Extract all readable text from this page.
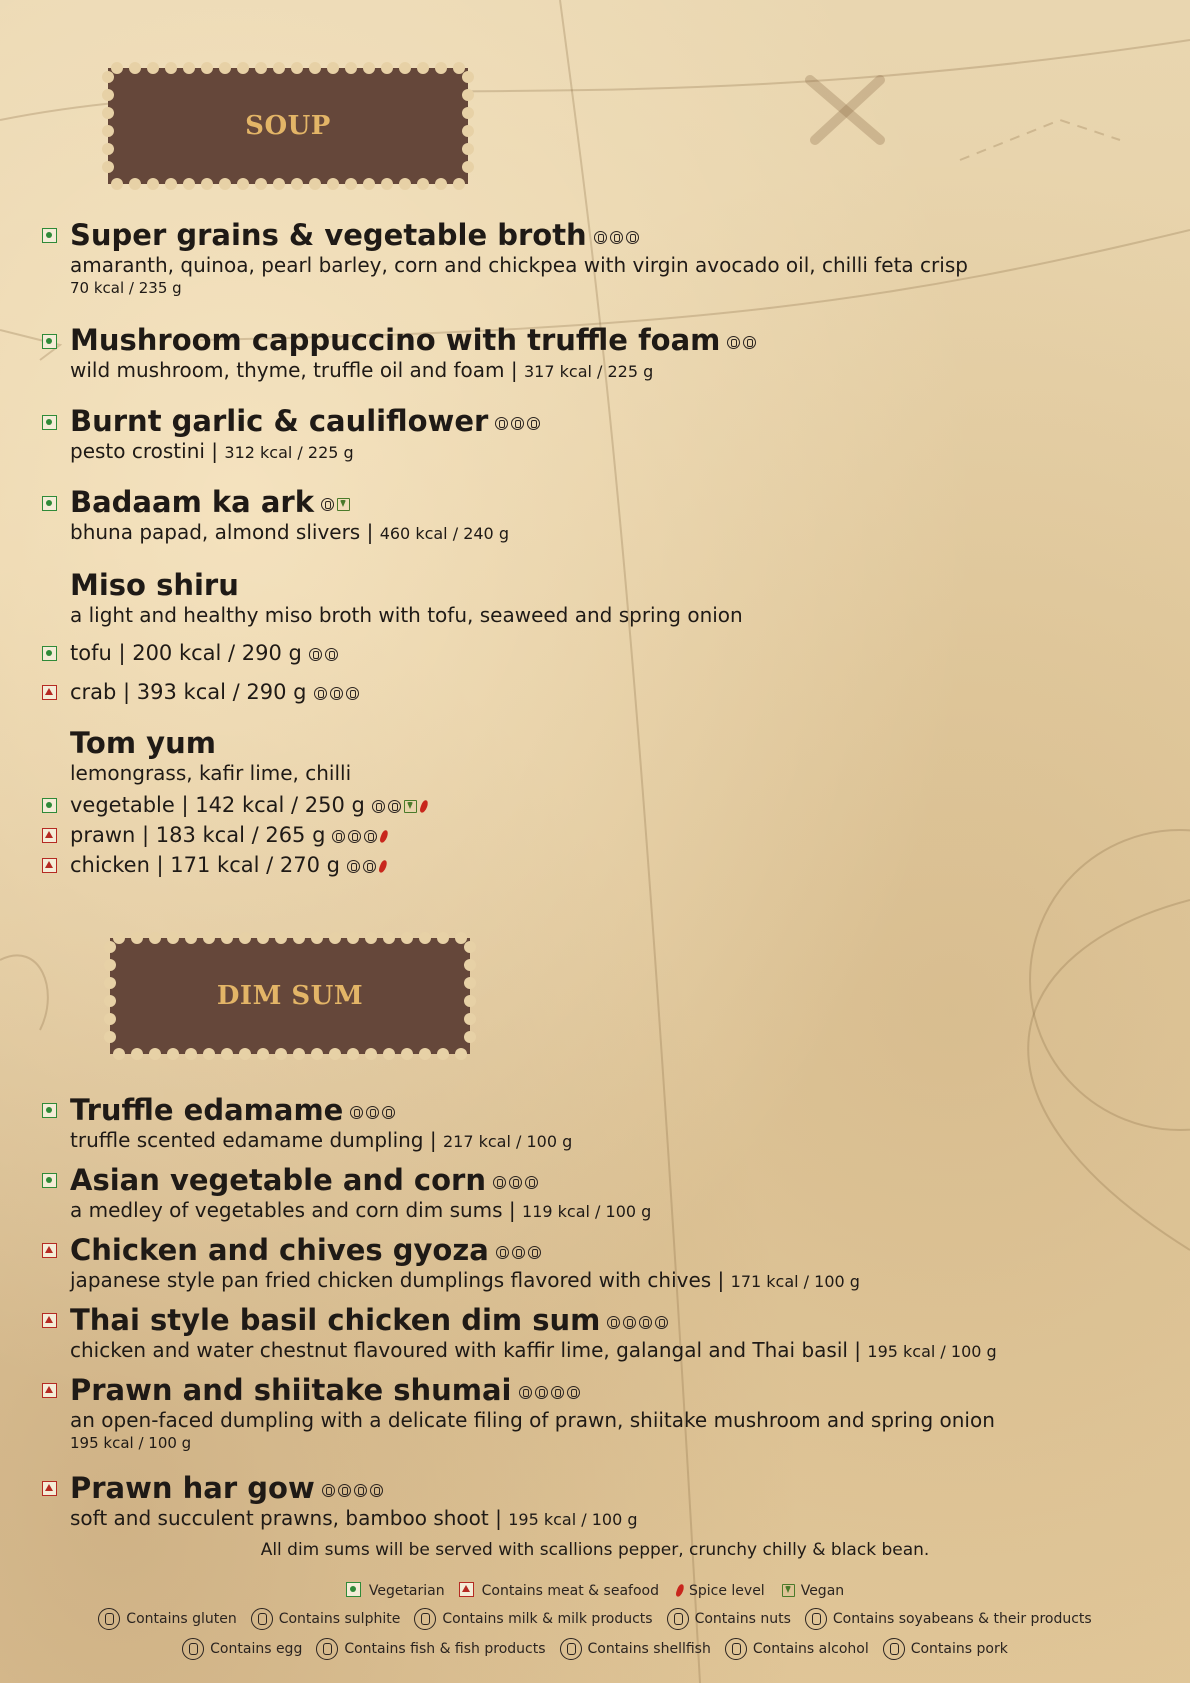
SOUP
Super grains & vegetable broth
amaranth, quinoa, pearl barley, corn and chickpea with virgin avocado oil, chilli feta crisp
70 kcal / 235 g
Mushroom cappuccino with truffle foam
wild mushroom, thyme, truffle oil and foam | 317 kcal / 225 g
Burnt garlic & cauliflower
pesto crostini | 312 kcal / 225 g
Badaam ka ark
bhuna papad, almond slivers | 460 kcal / 240 g
Miso shiru
a light and healthy miso broth with tofu, seaweed and spring onion
tofu | 200 kcal / 290 g
crab | 393 kcal / 290 g
Tom yum
lemongrass, kafir lime, chilli
vegetable | 142 kcal / 250 g
prawn | 183 kcal / 265 g
chicken | 171 kcal / 270 g
DIM SUM
Truffle edamame
truffle scented edamame dumpling | 217 kcal / 100 g
Asian vegetable and corn
a medley of vegetables and corn dim sums | 119 kcal / 100 g
Chicken and chives gyoza
japanese style pan fried chicken dumplings flavored with chives | 171 kcal / 100 g
Thai style basil chicken dim sum
chicken and water chestnut flavoured with kaffir lime, galangal and Thai basil | 195 kcal / 100 g
Prawn and shiitake shumai
an open-faced dumpling with a delicate filing of prawn, shiitake mushroom and spring onion
195 kcal / 100 g
Prawn har gow
soft and succulent prawns, bamboo shoot | 195 kcal / 100 g
All dim sums will be served with scallions pepper, crunchy chilly & black bean.
Vegetarian	Contains meat & seafood Spice level	Vegan
Contains gluten	Contains sulphite	Contains milk & milk products	Contains nuts	Contains soyabeans & their products
Contains egg	Contains fish & fish products	Contains shellfish	Contains alcohol	Contains pork
